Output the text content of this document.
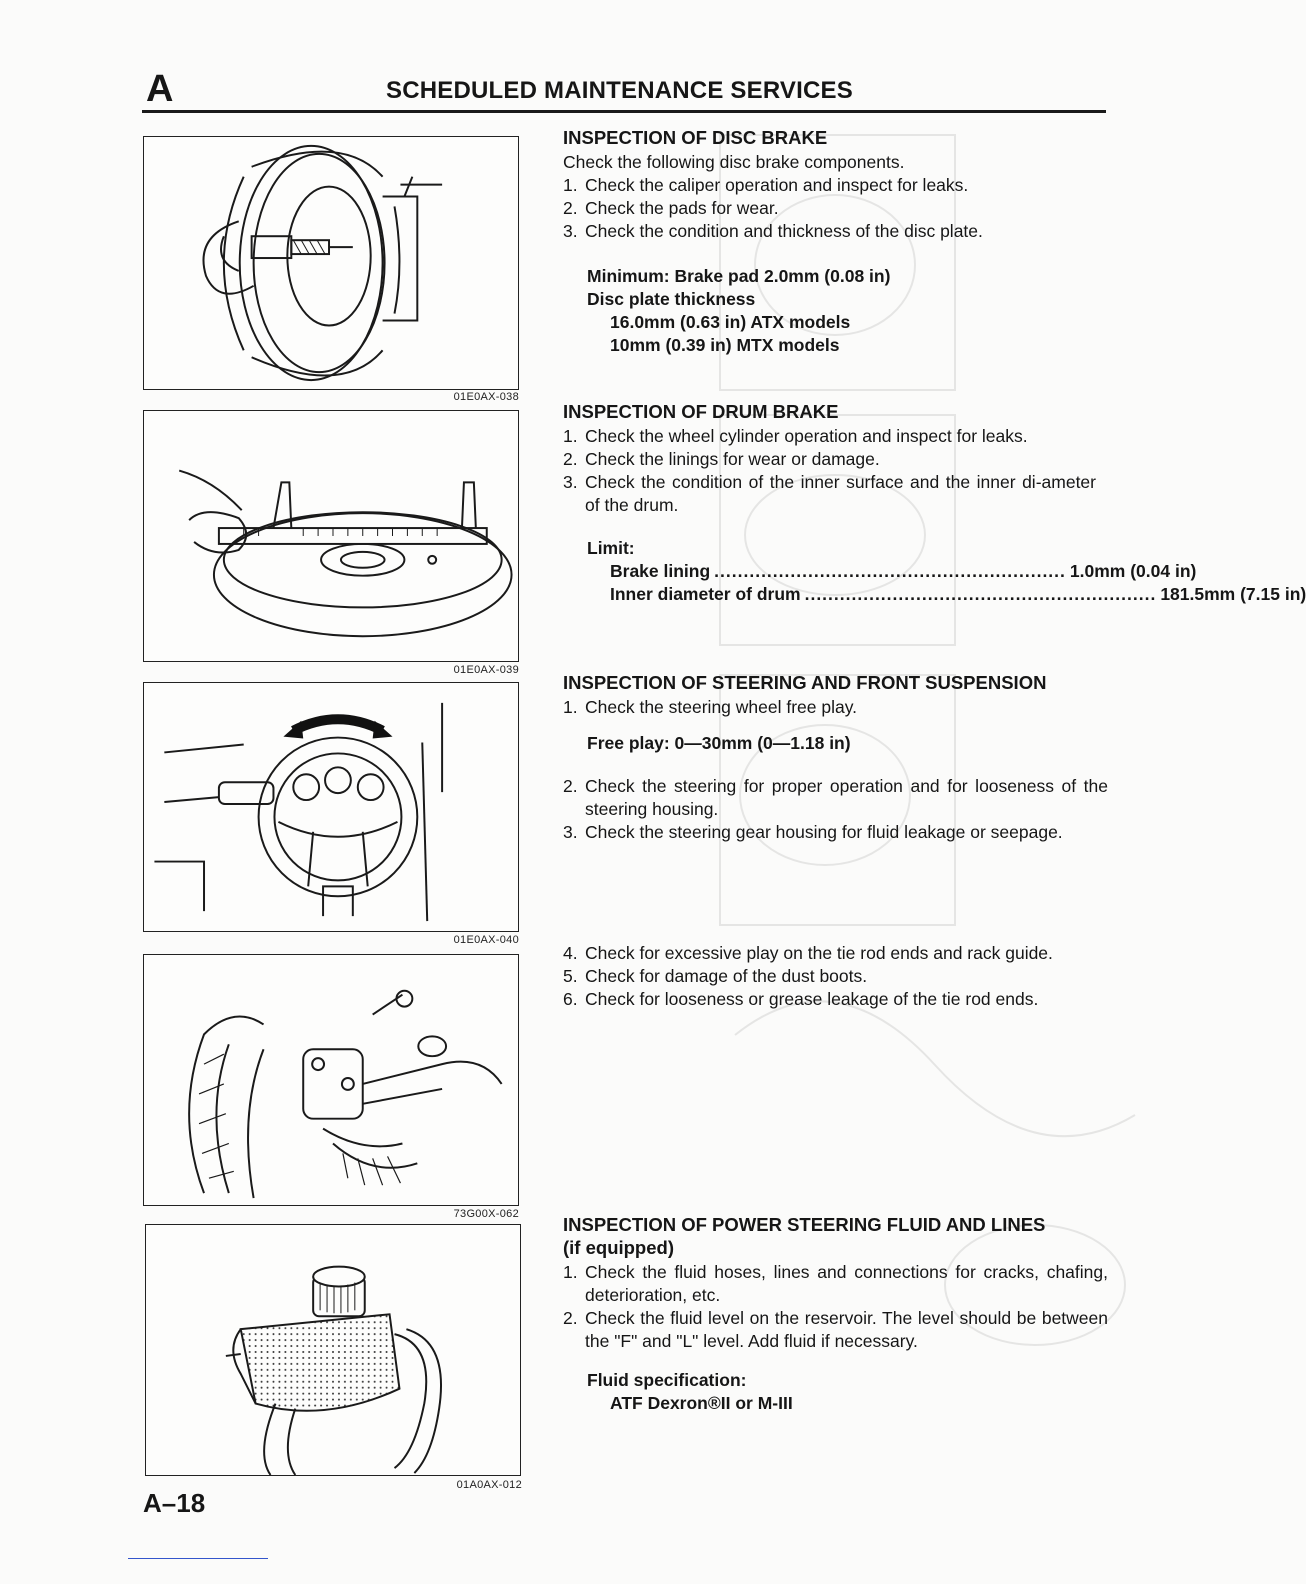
A	SCHEDULED MAINTENANCE SERVICES
01E0AX-038
01E0AX-039
01E0AX-040
73G00X-062
01A0AX-012
INSPECTION OF DISC BRAKE

Check the following disc brake components.

1. Check the caliper operation and inspect for leaks.
2. Check the pads for wear.
3. Check the condition and thickness of the disc plate.
Minimum: Brake pad 2.0mm (0.08 in)
Disc plate thickness
16.0mm (0.63 in) ATX models
10mm (0.39 in) MTX models
INSPECTION OF DRUM BRAKE
1. Check the wheel cylinder operation and inspect for leaks.
2. Check the linings for wear or damage.
3. Check the condition of the inner surface and the inner di-ameter of the drum.
Limit:
Brake lining ............................................................ 1.0mm (0.04 in)
Inner diameter of drum ............................................................ 181.5mm (7.15 in)
INSPECTION OF STEERING AND FRONT SUSPENSION
1. Check the steering wheel free play.
Free play: 0—30mm (0—1.18 in)
2. Check the steering for proper operation and for looseness of the steering housing.
3. Check the steering gear housing for fluid leakage or seepage.
4. Check for excessive play on the tie rod ends and rack guide.
5. Check for damage of the dust boots.
6. Check for looseness or grease leakage of the tie rod ends.
INSPECTION OF POWER STEERING FLUID AND LINES
(if equipped)
1. Check the fluid hoses, lines and connections for cracks, chafing, deterioration, etc.
2. Check the fluid level on the reservoir. The level should be between the "F" and "L" level. Add fluid if necessary.
Fluid specification:
ATF Dexron®II or M-III
A–18
